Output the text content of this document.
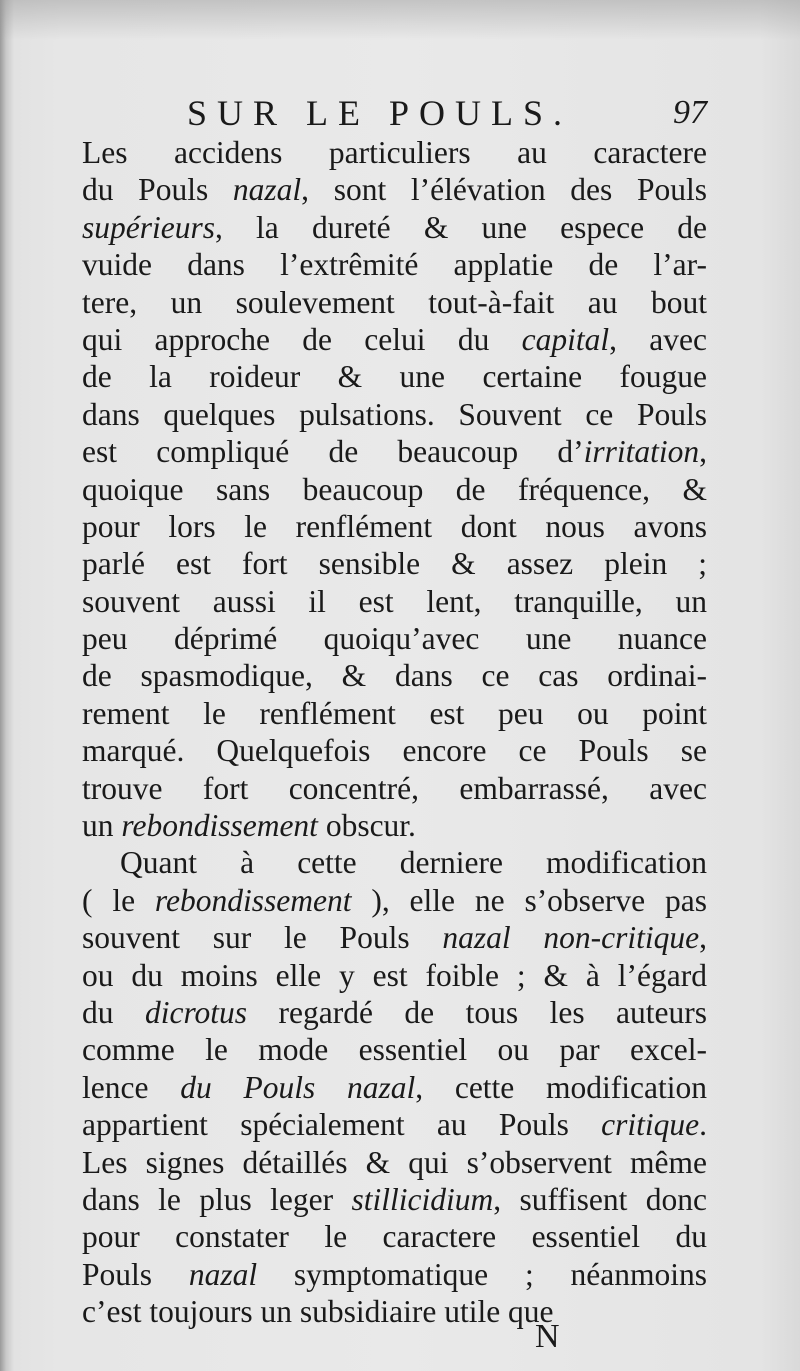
SUR LE POULS.	97
Les accidens particuliers au caractere
du Pouls nazal, sont l’élévation des Pouls
supérieurs, la dureté & une espece de
vuide dans l’extrêmité applatie de l’ar-
tere, un soulevement tout-à-fait au bout
qui approche de celui du capital, avec
de la roideur & une certaine fougue
dans quelques pulsations. Souvent ce Pouls
est compliqué de beaucoup d’irritation,
quoique sans beaucoup de fréquence, &
pour lors le renflément dont nous avons
parlé est fort sensible & assez plein ;
souvent aussi il est lent, tranquille, un
peu déprimé quoiqu’avec une nuance
de spasmodique, & dans ce cas ordinai-
rement le renflément est peu ou point
marqué. Quelquefois encore ce Pouls se
trouve fort concentré, embarrassé, avec
un rebondissement obscur.
Quant à cette derniere modification
( le rebondissement ), elle ne s’observe pas
souvent sur le Pouls nazal non-critique,
ou du moins elle y est foible ; & à l’égard
du dicrotus regardé de tous les auteurs
comme le mode essentiel ou par excel-
lence du Pouls nazal, cette modification
appartient spécialement au Pouls critique.
Les signes détaillés & qui s’observent même
dans le plus leger stillicidium, suffisent donc
pour constater le caractere essentiel du
Pouls nazal symptomatique ; néanmoins
c’est toujours un subsidiaire utile que
N
